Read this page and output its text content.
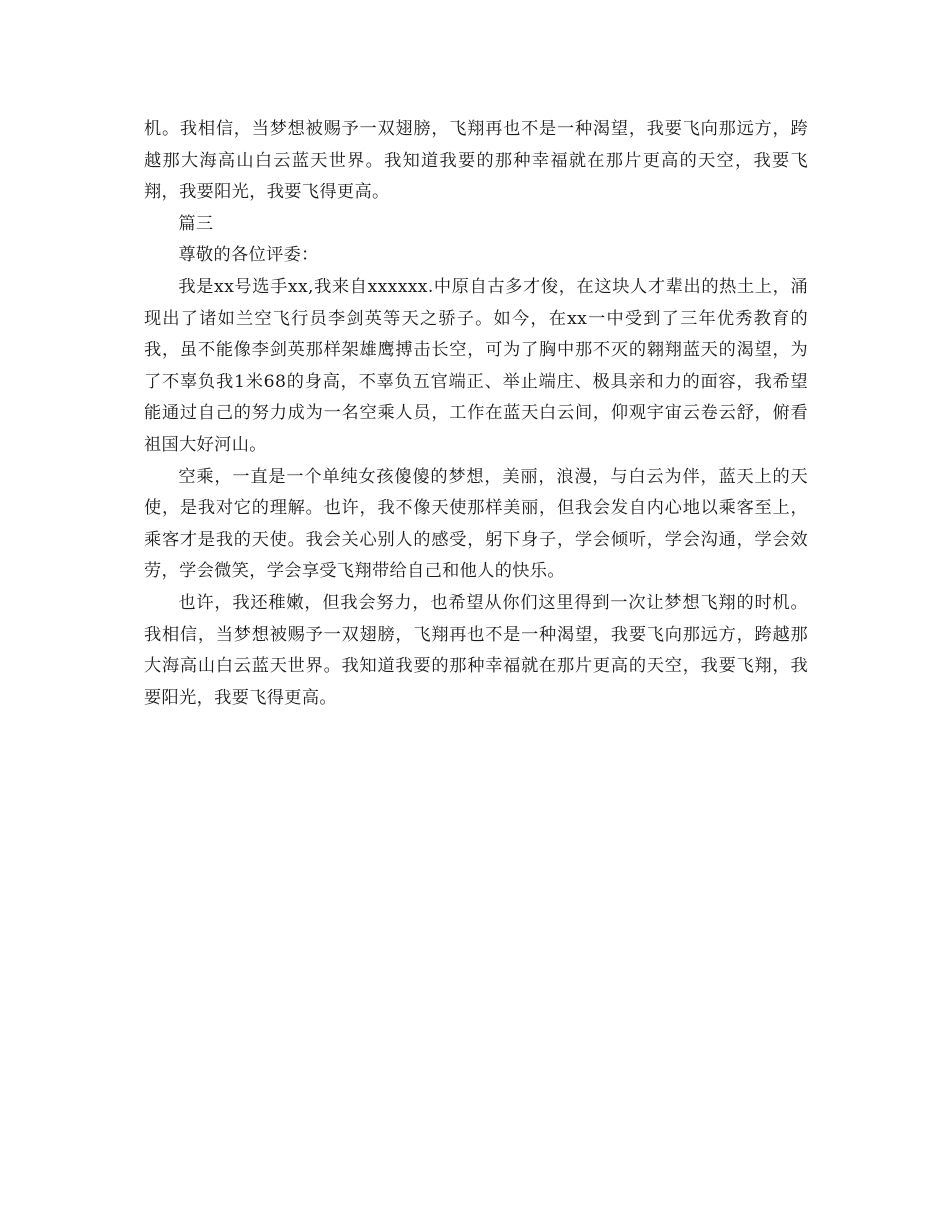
机。我相信，当梦想被赐予一双翅膀，飞翔再也不是一种渴望，我要飞向那远方，跨越那大海高山白云蓝天世界。我知道我要的那种幸福就在那片更高的天空，我要飞翔，我要阳光，我要飞得更高。

篇三

尊敬的各位评委：

我是xx号选手xx,我来自xxxxxx.中原自古多才俊，在这块人才辈出的热土上，涌现出了诸如兰空飞行员李剑英等天之骄子。如今，在xx一中受到了三年优秀教育的我，虽不能像李剑英那样架雄鹰搏击长空，可为了胸中那不灭的翱翔蓝天的渴望，为了不辜负我1米68的身高，不辜负五官端正、举止端庄、极具亲和力的面容，我希望能通过自己的努力成为一名空乘人员，工作在蓝天白云间，仰观宇宙云卷云舒，俯看祖国大好河山。

空乘，一直是一个单纯女孩傻傻的梦想，美丽，浪漫，与白云为伴，蓝天上的天使，是我对它的理解。也许，我不像天使那样美丽，但我会发自内心地以乘客至上，乘客才是我的天使。我会关心别人的感受，躬下身子，学会倾听，学会沟通，学会效劳，学会微笑，学会享受飞翔带给自己和他人的快乐。

也许，我还稚嫩，但我会努力，也希望从你们这里得到一次让梦想飞翔的时机。我相信，当梦想被赐予一双翅膀，飞翔再也不是一种渴望，我要飞向那远方，跨越那大海高山白云蓝天世界。我知道我要的那种幸福就在那片更高的天空，我要飞翔，我要阳光，我要飞得更高。
